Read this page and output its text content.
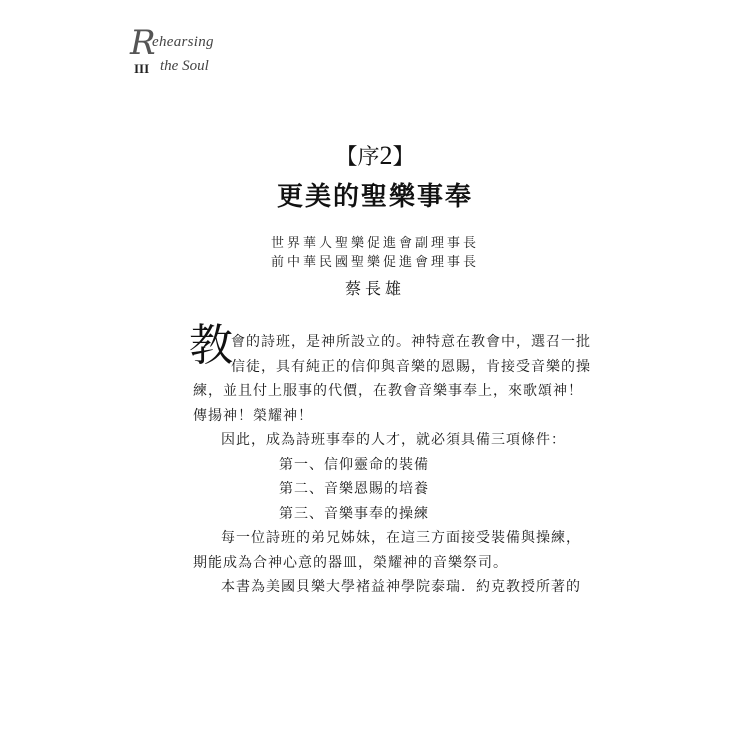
R
ehearsing
III the Soul
【序2】
更美的聖樂事奉
世界華人聖樂促進會副理事長
前中華民國聖樂促進會理事長
蔡長雄
教
會的詩班，是神所設立的。神特意在教會中，選召一批
信徒，具有純正的信仰與音樂的恩賜，肯接受音樂的操
練，並且付上服事的代價，在教會音樂事奉上，來歌頌神！
傳揚神！榮耀神！
因此，成為詩班事奉的人才，就必須具備三項條件：
第一、信仰靈命的裝備
第二、音樂恩賜的培養
第三、音樂事奉的操練
每一位詩班的弟兄姊妹，在這三方面接受裝備與操練，
期能成為合神心意的器皿，榮耀神的音樂祭司。
本書為美國貝樂大學褚益神學院泰瑞．約克教授所著的
